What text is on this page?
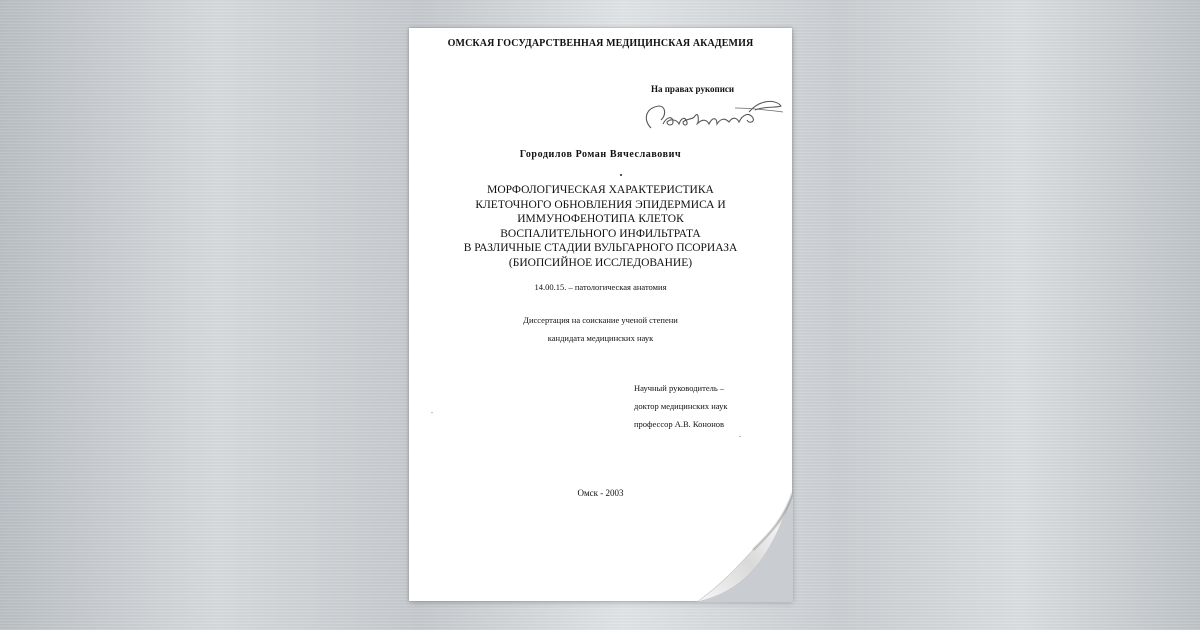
ОМСКАЯ ГОСУДАРСТВЕННАЯ МЕДИЦИНСКАЯ АКАДЕМИЯ
На правах рукописи
Городилов Роман Вячеславович
МОРФОЛОГИЧЕСКАЯ ХАРАКТЕРИСТИКА
КЛЕТОЧНОГО ОБНОВЛЕНИЯ ЭПИДЕРМИСА И
ИММУНОФЕНОТИПА КЛЕТОК
ВОСПАЛИТЕЛЬНОГО ИНФИЛЬТРАТА
В РАЗЛИЧНЫЕ СТАДИИ ВУЛЬГАРНОГО ПСОРИАЗА
(БИОПСИЙНОЕ ИССЛЕДОВАНИЕ)
14.00.15. – патологическая анатомия
Диссертация на соискание ученой степени
кандидата медицинских наук
Научный руководитель –
доктор медицинских наук
профессор А.В. Кононов
Омск - 2003
